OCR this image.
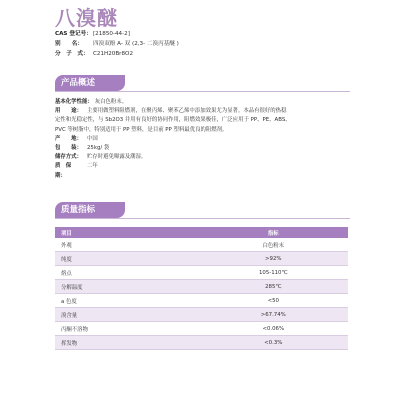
八溴醚
CAS 登记号： [21850-44-2]
别　　名：	四溴双酚 A- 双 (2,3- 二溴丙基醚 )
分　子　式： C21H20Br8O2
产品概述
基本化学性能： 灰白色粉末。
用　　途： 主要用做塑料阻燃剂，在聚丙烯、聚苯乙烯中添加效果尤为显著。本品有很好的热稳
定性和光稳定性，与 Sb2O3 并用有良好的协同作用，阻燃效果极佳，广泛应用于 PP、PE、ABS、
PVC 等树脂中，特别适用于 PP 塑料，是目前 PP 塑料最优良的阻燃剂。
产　　地： 中国
包　　装： 25kg/ 袋
储存方式： 贮存时避免曝露及潮湿。
质　保　期：
二年
质量指标
项目	指标
外观	白色粉末
纯度	>92%
熔点	105-110℃
分解温度	285℃
a 色度	<50
溴含量	>67.74%
丙酮不溶物	<0.06%
挥发物	<0.3%
